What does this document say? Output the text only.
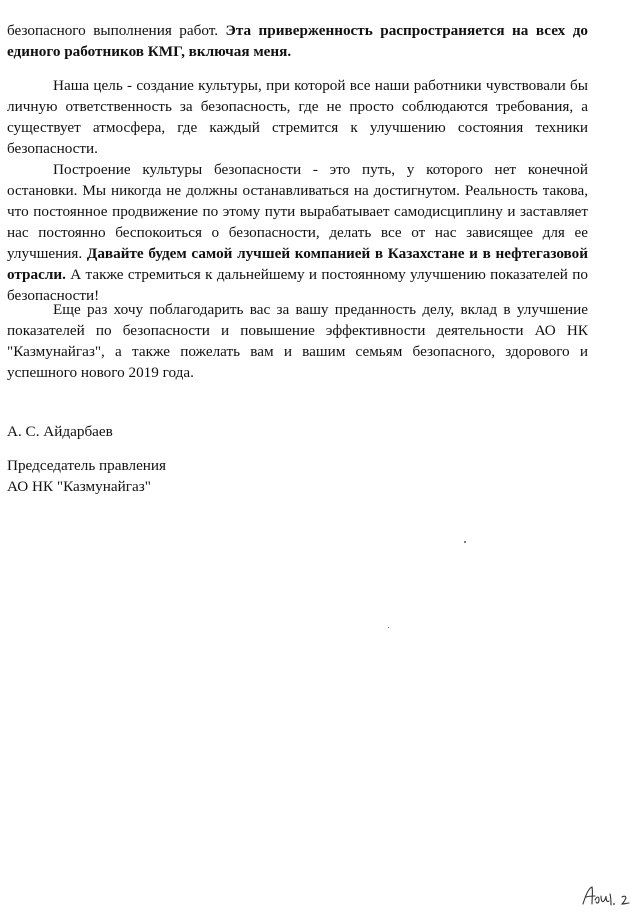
безопасного выполнения работ. Эта приверженность распространяется на всех до единого работников КМГ, включая меня.

Наша цель - создание культуры, при которой все наши работники чувствовали бы личную ответственность за безопасность, где не просто соблюдаются требования, а существует атмосфера, где каждый стремится к улучшению состояния техники безопасности.

Построение культуры безопасности - это путь, у которого нет конечной остановки. Мы никогда не должны останавливаться на достигнутом. Реальность такова, что постоянное продвижение по этому пути вырабатывает самодисциплину и заставляет нас постоянно беспокоиться о безопасности, делать все от нас зависящее для ее улучшения. Давайте будем самой лучшей компанией в Казахстане и в нефтегазовой отрасли. А также стремиться к дальнейшему и постоянному улучшению показателей по безопасности!

Еще раз хочу поблагодарить вас за вашу преданность делу, вклад в улучшение показателей по безопасности и повышение эффективности деятельности АО НК "Казмунайгаз", а также пожелать вам и вашим семьям безопасного, здорового и успешного нового 2019 года.

А. С. Айдарбаев

Председатель правления

АО НК "Казмунайгаз"
